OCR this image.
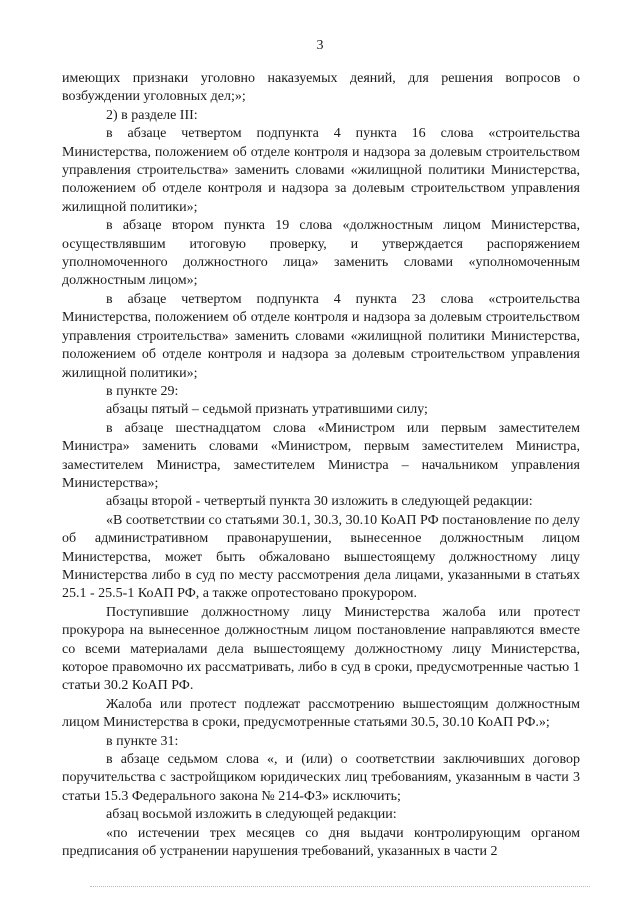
3

имеющих признаки уголовно наказуемых деяний, для решения вопросов о возбуждении уголовных дел;»;

2) в разделе III:

в абзаце четвертом подпункта 4 пункта 16 слова «строительства Министерства, положением об отделе контроля и надзора за долевым строительством управления строительства» заменить словами «жилищной политики Министерства, положением об отделе контроля и надзора за долевым строительством управления жилищной политики»;

в абзаце втором пункта 19 слова «должностным лицом Министерства, осуществлявшим итоговую проверку, и утверждается распоряжением уполномоченного должностного лица» заменить словами «уполномоченным должностным лицом»;

в абзаце четвертом подпункта 4 пункта 23 слова «строительства Министерства, положением об отделе контроля и надзора за долевым строительством управления строительства» заменить словами «жилищной политики Министерства, положением об отделе контроля и надзора за долевым строительством управления жилищной политики»;

в пункте 29:

абзацы пятый – седьмой признать утратившими силу;

в абзаце шестнадцатом слова «Министром или первым заместителем Министра» заменить словами «Министром, первым заместителем Министра, заместителем Министра, заместителем Министра – начальником управления Министерства»;

абзацы второй - четвертый пункта 30 изложить в следующей редакции:

«В соответствии со статьями 30.1, 30.3, 30.10 КоАП РФ постановление по делу об административном правонарушении, вынесенное должностным лицом Министерства, может быть обжаловано вышестоящему должностному лицу Министерства либо в суд по месту рассмотрения дела лицами, указанными в статьях 25.1 - 25.5-1 КоАП РФ, а также опротестовано прокурором.

Поступившие должностному лицу Министерства жалоба или протест прокурора на вынесенное должностным лицом постановление направляются вместе со всеми материалами дела вышестоящему должностному лицу Министерства, которое правомочно их рассматривать, либо в суд в сроки, предусмотренные частью 1 статьи 30.2 КоАП РФ.

Жалоба или протест подлежат рассмотрению вышестоящим должностным лицом Министерства в сроки, предусмотренные статьями 30.5, 30.10 КоАП РФ.»;

в пункте 31:

в абзаце седьмом слова «, и (или) о соответствии заключивших договор поручительства с застройщиком юридических лиц требованиям, указанным в части 3 статьи 15.3 Федерального закона № 214-ФЗ» исключить;

абзац восьмой изложить в следующей редакции:

«по истечении трех месяцев со дня выдачи контролирующим органом предписания об устранении нарушения требований, указанных в части 2
